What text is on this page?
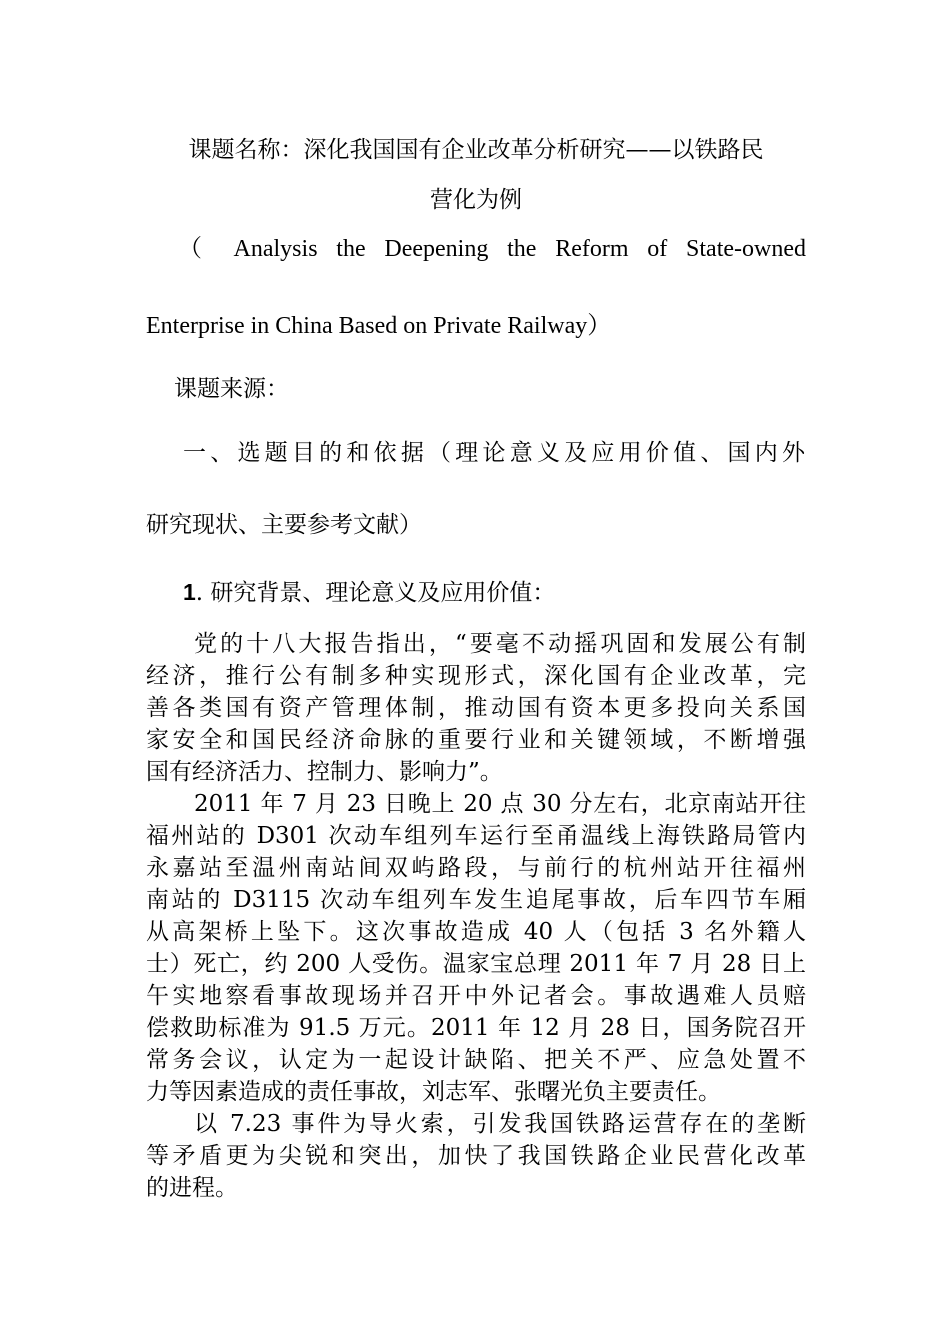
课题名称：深化我国国有企业改革分析研究——以铁路民

营化为例

（ Analysis the Deepening the Reform of State-owned

Enterprise in China Based on Private Railway）

课题来源：

一、选题目的和依据（理论意义及应用价值、国内外

研究现状、主要参考文献）

1. 研究背景、理论意义及应用价值：

党的十八大报告指出，“要毫不动摇巩固和发展公有制
经济，推行公有制多种实现形式，深化国有企业改革，完
善各类国有资产管理体制，推动国有资本更多投向关系国
家安全和国民经济命脉的重要行业和关键领域，不断增强
国有经济活力、控制力、影响力”。
2011 年 7 月 23 日晚上 20 点 30 分左右，北京南站开往
福州站的 D301 次动车组列车运行至甬温线上海铁路局管内
永嘉站至温州南站间双屿路段，与前行的杭州站开往福州
南站的 D3115 次动车组列车发生追尾事故，后车四节车厢
从高架桥上坠下。这次事故造成 40 人（包括 3 名外籍人
士）死亡，约 200 人受伤。温家宝总理 2011 年 7 月 28 日上
午实地察看事故现场并召开中外记者会。事故遇难人员赔
偿救助标准为 91.5 万元。2011 年 12 月 28 日，国务院召开
常务会议，认定为一起设计缺陷、把关不严、应急处置不
力等因素造成的责任事故，刘志军、张曙光负主要责任。
以 7.23 事件为导火索，引发我国铁路运营存在的垄断
等矛盾更为尖锐和突出，加快了我国铁路企业民营化改革
的进程。
